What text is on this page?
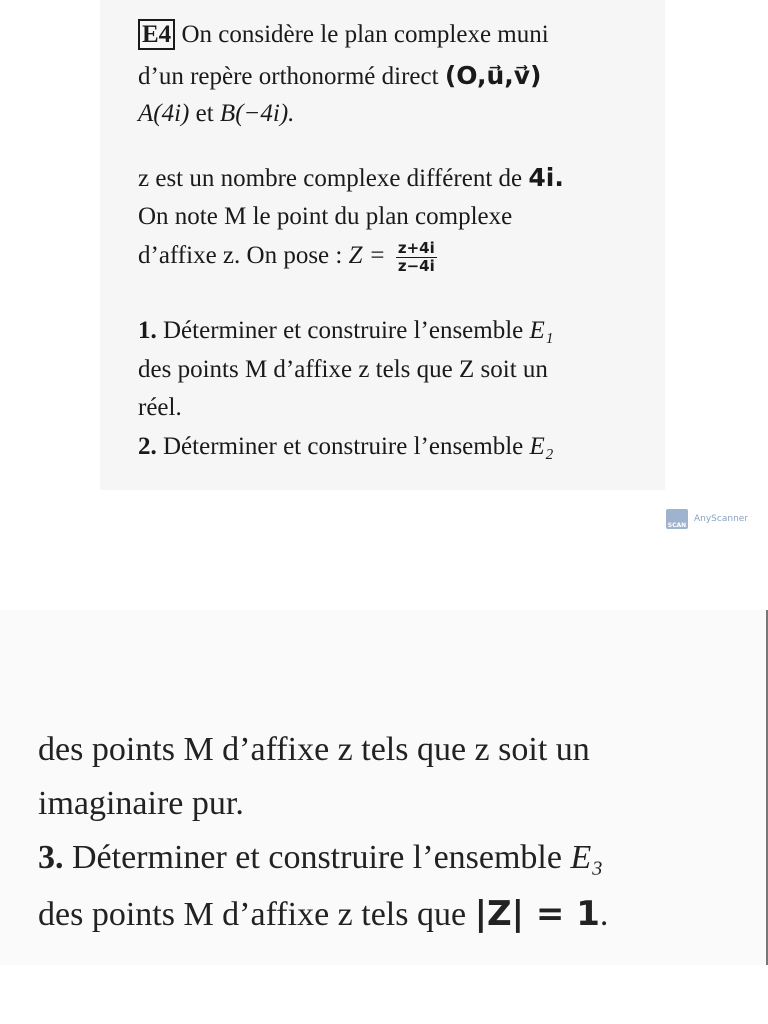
E4 On considère le plan complexe muni
d’un repère orthonormé direct (O,u⃗,v⃗)
A(4i) et B(−4i).
z est un nombre complexe différent de 4i.
On note M le point du plan complexe
d’affixe z. On pose : $Z = \frac{z+4i}{z-4i}$
1. Déterminer et construire l’ensemble E₁
des points M d’affixe z tels que Z soit un
réel.
2. Déterminer et construire l’ensemble E₂
SCAN
AnyScanner
des points M d’affixe z tels que z soit un
imaginaire pur.
3. Déterminer et construire l’ensemble E₃
des points M d’affixe z tels que |Z| = 1.
